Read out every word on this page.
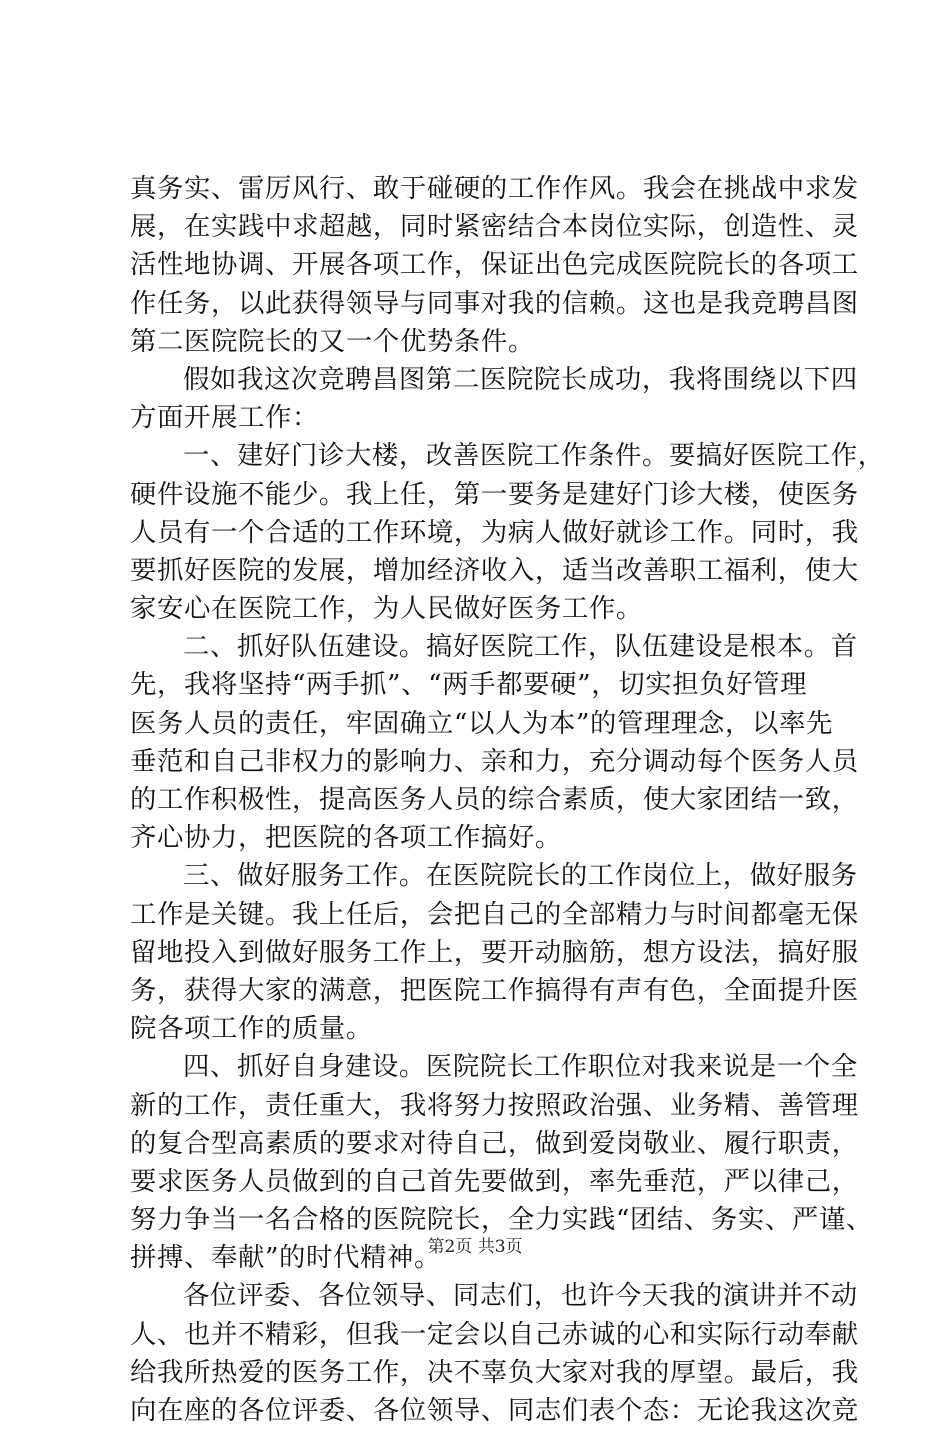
真务实、雷厉风行、敢于碰硬的工作作风。我会在挑战中求发
展，在实践中求超越，同时紧密结合本岗位实际，创造性、灵
活性地协调、开展各项工作，保证出色完成医院院长的各项工
作任务，以此获得领导与同事对我的信赖。这也是我竞聘昌图
第二医院院长的又一个优势条件。
假如我这次竞聘昌图第二医院院长成功，我将围绕以下四
方面开展工作：
一、建好门诊大楼，改善医院工作条件。要搞好医院工作，
硬件设施不能少。我上任，第一要务是建好门诊大楼，使医务
人员有一个合适的工作环境，为病人做好就诊工作。同时，我
要抓好医院的发展，增加经济收入，适当改善职工福利，使大
家安心在医院工作，为人民做好医务工作。
二、抓好队伍建设。搞好医院工作，队伍建设是根本。首
先，我将坚持“两手抓”、“两手都要硬”，切实担负好管理
医务人员的责任，牢固确立“以人为本”的管理理念，以率先
垂范和自己非权力的影响力、亲和力，充分调动每个医务人员
的工作积极性，提高医务人员的综合素质，使大家团结一致，
齐心协力，把医院的各项工作搞好。
三、做好服务工作。在医院院长的工作岗位上，做好服务
工作是关键。我上任后，会把自己的全部精力与时间都毫无保
留地投入到做好服务工作上，要开动脑筋，想方设法，搞好服
务，获得大家的满意，把医院工作搞得有声有色，全面提升医
院各项工作的质量。
四、抓好自身建设。医院院长工作职位对我来说是一个全
新的工作，责任重大，我将努力按照政治强、业务精、善管理
的复合型高素质的要求对待自己，做到爱岗敬业、履行职责，
要求医务人员做到的自己首先要做到，率先垂范，严以律己，
努力争当一名合格的医院院长，全力实践“团结、务实、严谨、
拼搏、奉献”的时代精神。
各位评委、各位领导、同志们，也许今天我的演讲并不动
人、也并不精彩，但我一定会以自己赤诚的心和实际行动奉献
给我所热爱的医务工作，决不辜负大家对我的厚望。最后，我
向在座的各位评委、各位领导、同志们表个态：无论我这次竞
第2页 共3页
